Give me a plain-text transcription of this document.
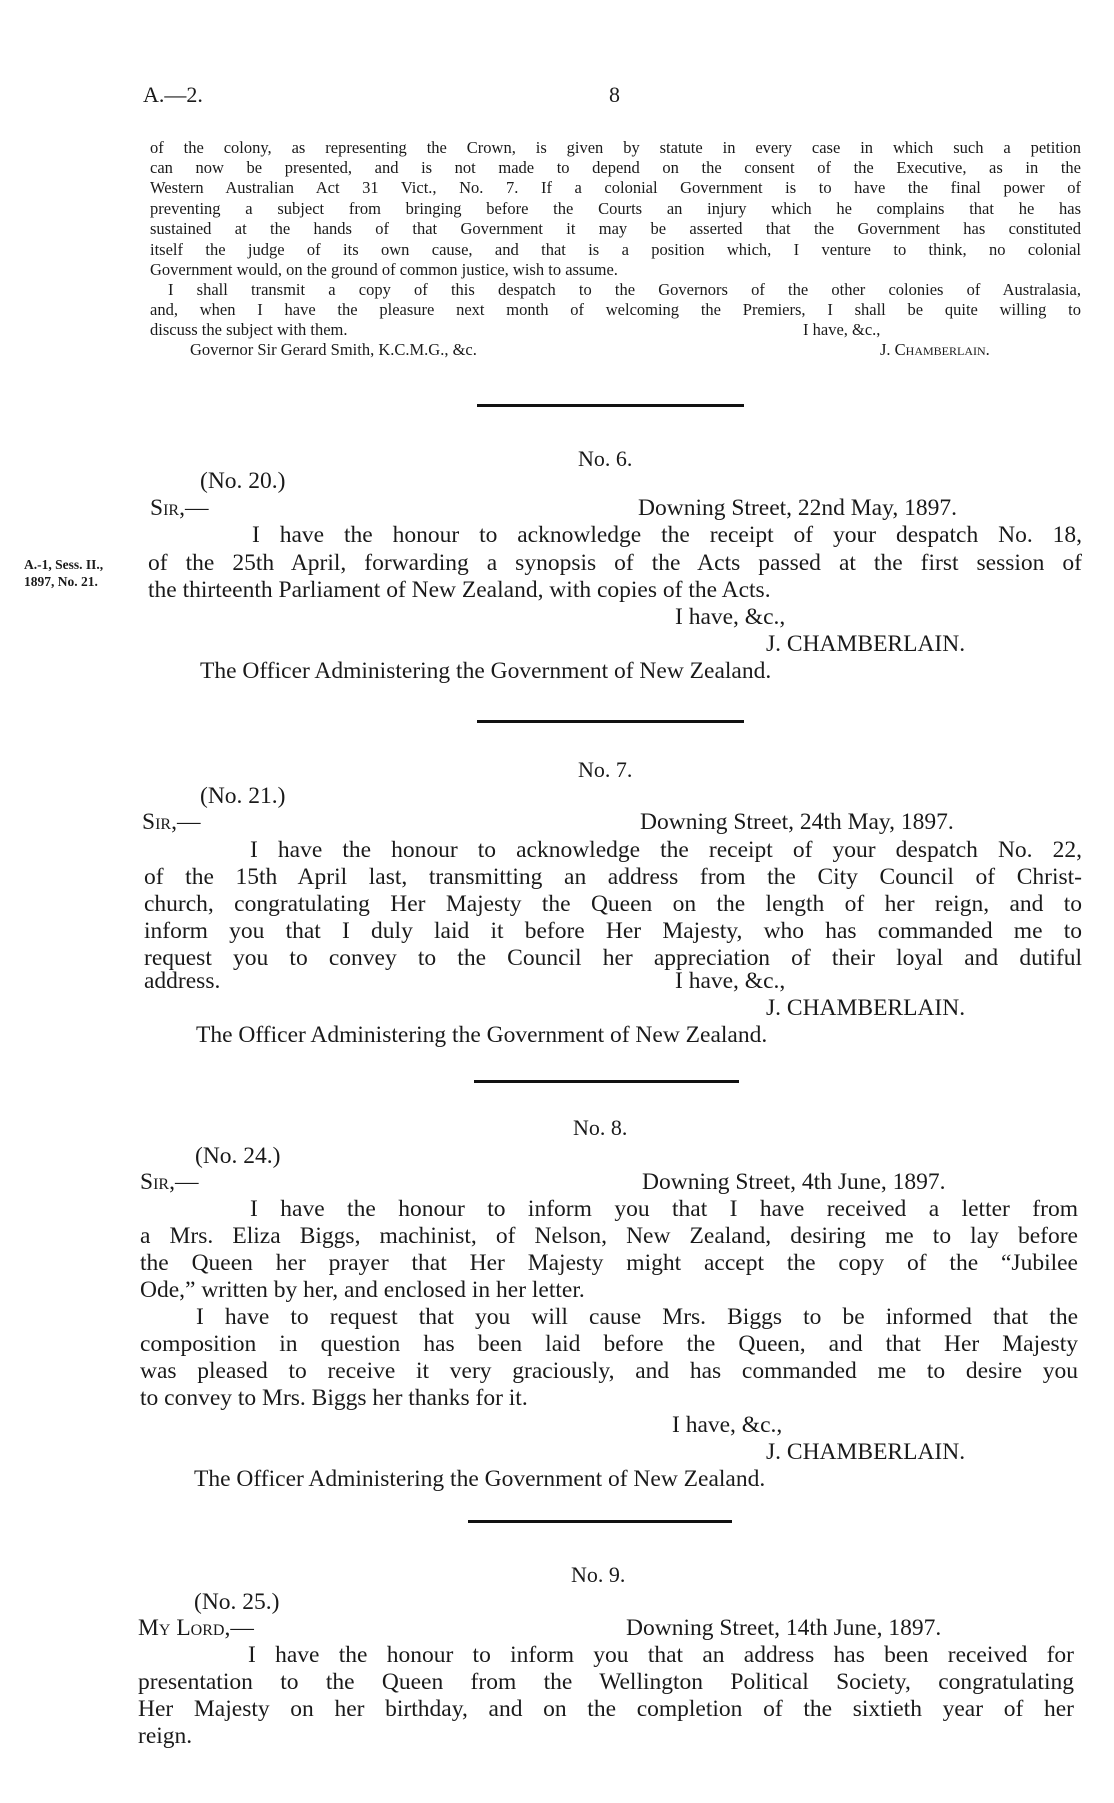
A.—2.	8
of the colony, as representing the Crown, is given by statute in every case in which such a petition
can now be presented, and is not made to depend on the consent of the Executive, as in the
Western Australian Act 31 Vict., No. 7. If a colonial Government is to have the final power of
preventing a subject from bringing before the Courts an injury which he complains that he has
sustained at the hands of that Government it may be asserted that the Government has constituted
itself the judge of its own cause, and that is a position which, I venture to think, no colonial
Government would, on the ground of common justice, wish to assume.
I shall transmit a copy of this despatch to the Governors of the other colonies of Australasia,
and, when I have the pleasure next month of welcoming the Premiers, I shall be quite willing to
discuss the subject with them.	I have, &c.,
Governor Sir Gerard Smith, K.C.M.G., &c.	J. Chamberlain.
No. 6.
(No. 20.)
Sir,—	Downing Street, 22nd May, 1897.
A.-1, Sess. II.,
1897, No. 21.
I have the honour to acknowledge the receipt of your despatch No. 18,
of the 25th April, forwarding a synopsis of the Acts passed at the first session of
the thirteenth Parliament of New Zealand, with copies of the Acts.
I have, &c.,
J. CHAMBERLAIN.
The Officer Administering the Government of New Zealand.
No. 7.
(No. 21.)
Sir,—	Downing Street, 24th May, 1897.
I have the honour to acknowledge the receipt of your despatch No. 22,
of the 15th April last, transmitting an address from the City Council of Christ-
church, congratulating Her Majesty the Queen on the length of her reign, and to
inform you that I duly laid it before Her Majesty, who has commanded me to
request you to convey to the Council her appreciation of their loyal and dutiful
address.	I have, &c.,
J. CHAMBERLAIN.
The Officer Administering the Government of New Zealand.
No. 8.
(No. 24.)
Sir,—	Downing Street, 4th June, 1897.
I have the honour to inform you that I have received a letter from
a Mrs. Eliza Biggs, machinist, of Nelson, New Zealand, desiring me to lay before
the Queen her prayer that Her Majesty might accept the copy of the “Jubilee
Ode,” written by her, and enclosed in her letter.
I have to request that you will cause Mrs. Biggs to be informed that the
composition in question has been laid before the Queen, and that Her Majesty
was pleased to receive it very graciously, and has commanded me to desire you
to convey to Mrs. Biggs her thanks for it.
I have, &c.,
J. CHAMBERLAIN.
The Officer Administering the Government of New Zealand.
No. 9.
(No. 25.)
My Lord,—	Downing Street, 14th June, 1897.
I have the honour to inform you that an address has been received for
presentation to the Queen from the Wellington Political Society, congratulating
Her Majesty on her birthday, and on the completion of the sixtieth year of her
reign.
